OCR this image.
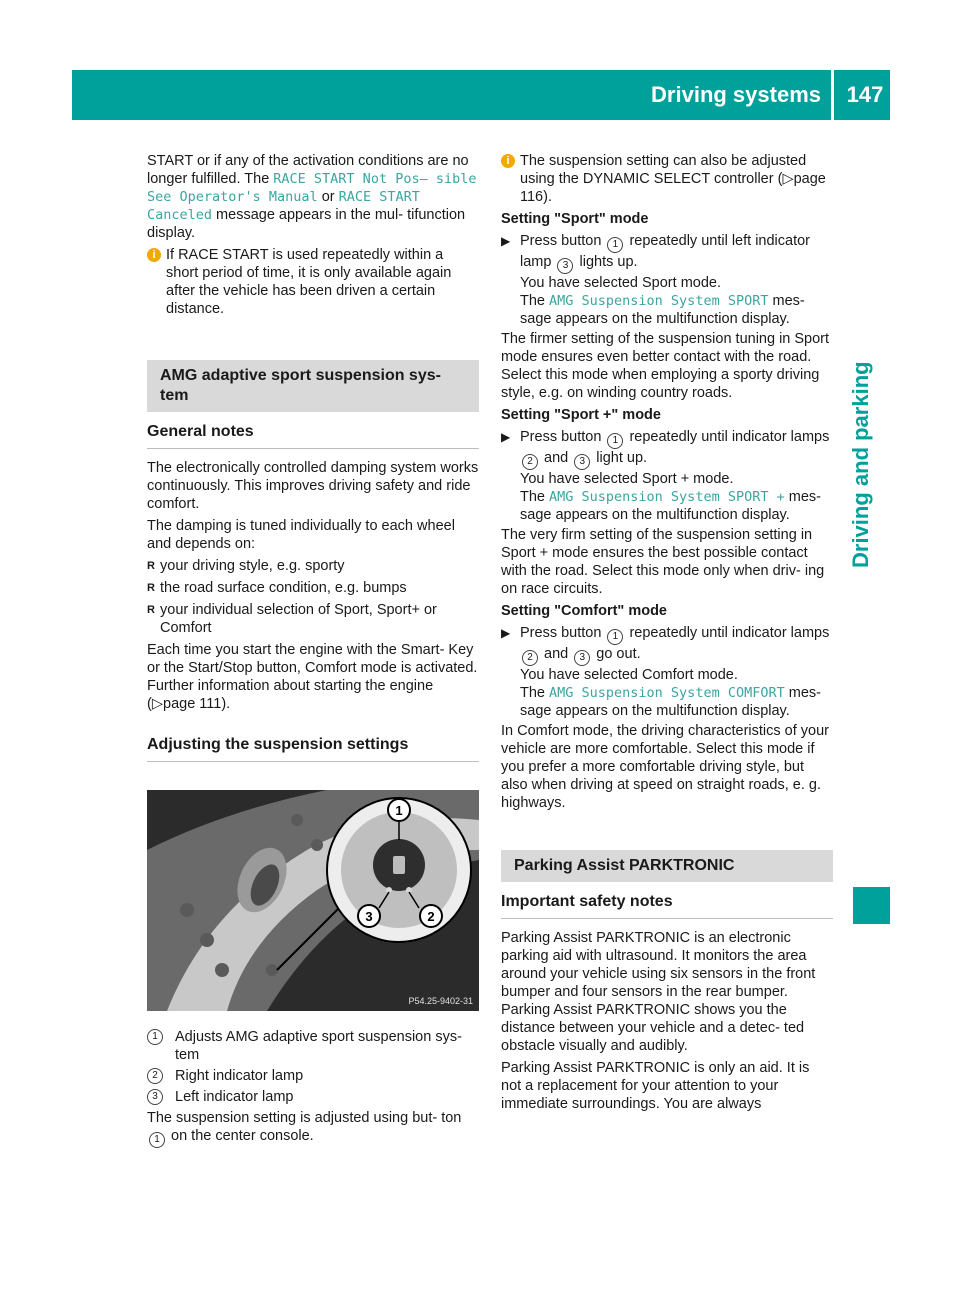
Driving systems	147
Driving and parking

START or if any of the activation conditions are no longer fulfilled. The RACE START Not Pos– sible See Operator's Manual or RACE START Canceled message appears in the mul‐ tifunction display.

i If RACE START is used repeatedly within a short period of time, it is only available again after the vehicle has been driven a certain distance.
AMG adaptive sport suspension sys‐ tem
General notes

The electronically controlled damping system works continuously. This improves driving safety and ride comfort.

The damping is tuned individually to each wheel and depends on:

R your driving style, e.g. sporty
R the road surface condition, e.g. bumps
R your individual selection of Sport, Sport+ or Comfort

Each time you start the engine with the Smart‐ Key or the Start/Stop button, Comfort mode is activated. Further information about starting the engine (▷page 111).

Adjusting the suspension settings
1
3	2
P54.25-9402-31
1	Adjusts AMG adaptive sport suspension sys‐ tem
2	Right indicator lamp
3	Left indicator lamp

The suspension setting is adjusted using but‐ ton 1 on the center console.

i The suspension setting can also be adjusted using the DYNAMIC SELECT controller (▷page 116).
Setting "Sport" mode
▶ Press button 1 repeatedly until left indicator lamp 3 lights up.
You have selected Sport mode.
The AMG Suspension System SPORT mes‐ sage appears on the multifunction display.

The firmer setting of the suspension tuning in Sport mode ensures even better contact with the road. Select this mode when employing a sporty driving style, e.g. on winding country roads.

Setting "Sport +" mode
▶ Press button 1 repeatedly until indicator lamps 2 and 3 light up.
You have selected Sport + mode.
The AMG Suspension System SPORT + mes‐ sage appears on the multifunction display.

The very firm setting of the suspension setting in Sport + mode ensures the best possible contact with the road. Select this mode only when driv‐ ing on race circuits.

Setting "Comfort" mode
▶ Press button 1 repeatedly until indicator lamps 2 and 3 go out.
You have selected Comfort mode.
The AMG Suspension System COMFORT mes‐ sage appears on the multifunction display.

In Comfort mode, the driving characteristics of your vehicle are more comfortable. Select this mode if you prefer a more comfortable driving style, but also when driving at speed on straight roads, e. g. highways.

Parking Assist PARKTRONIC
Important safety notes

Parking Assist PARKTRONIC is an electronic parking aid with ultrasound. It monitors the area around your vehicle using six sensors in the front bumper and four sensors in the rear bumper. Parking Assist PARKTRONIC shows you the distance between your vehicle and a detec‐ ted obstacle visually and audibly.

Parking Assist PARKTRONIC is only an aid. It is not a replacement for your attention to your immediate surroundings. You are always
